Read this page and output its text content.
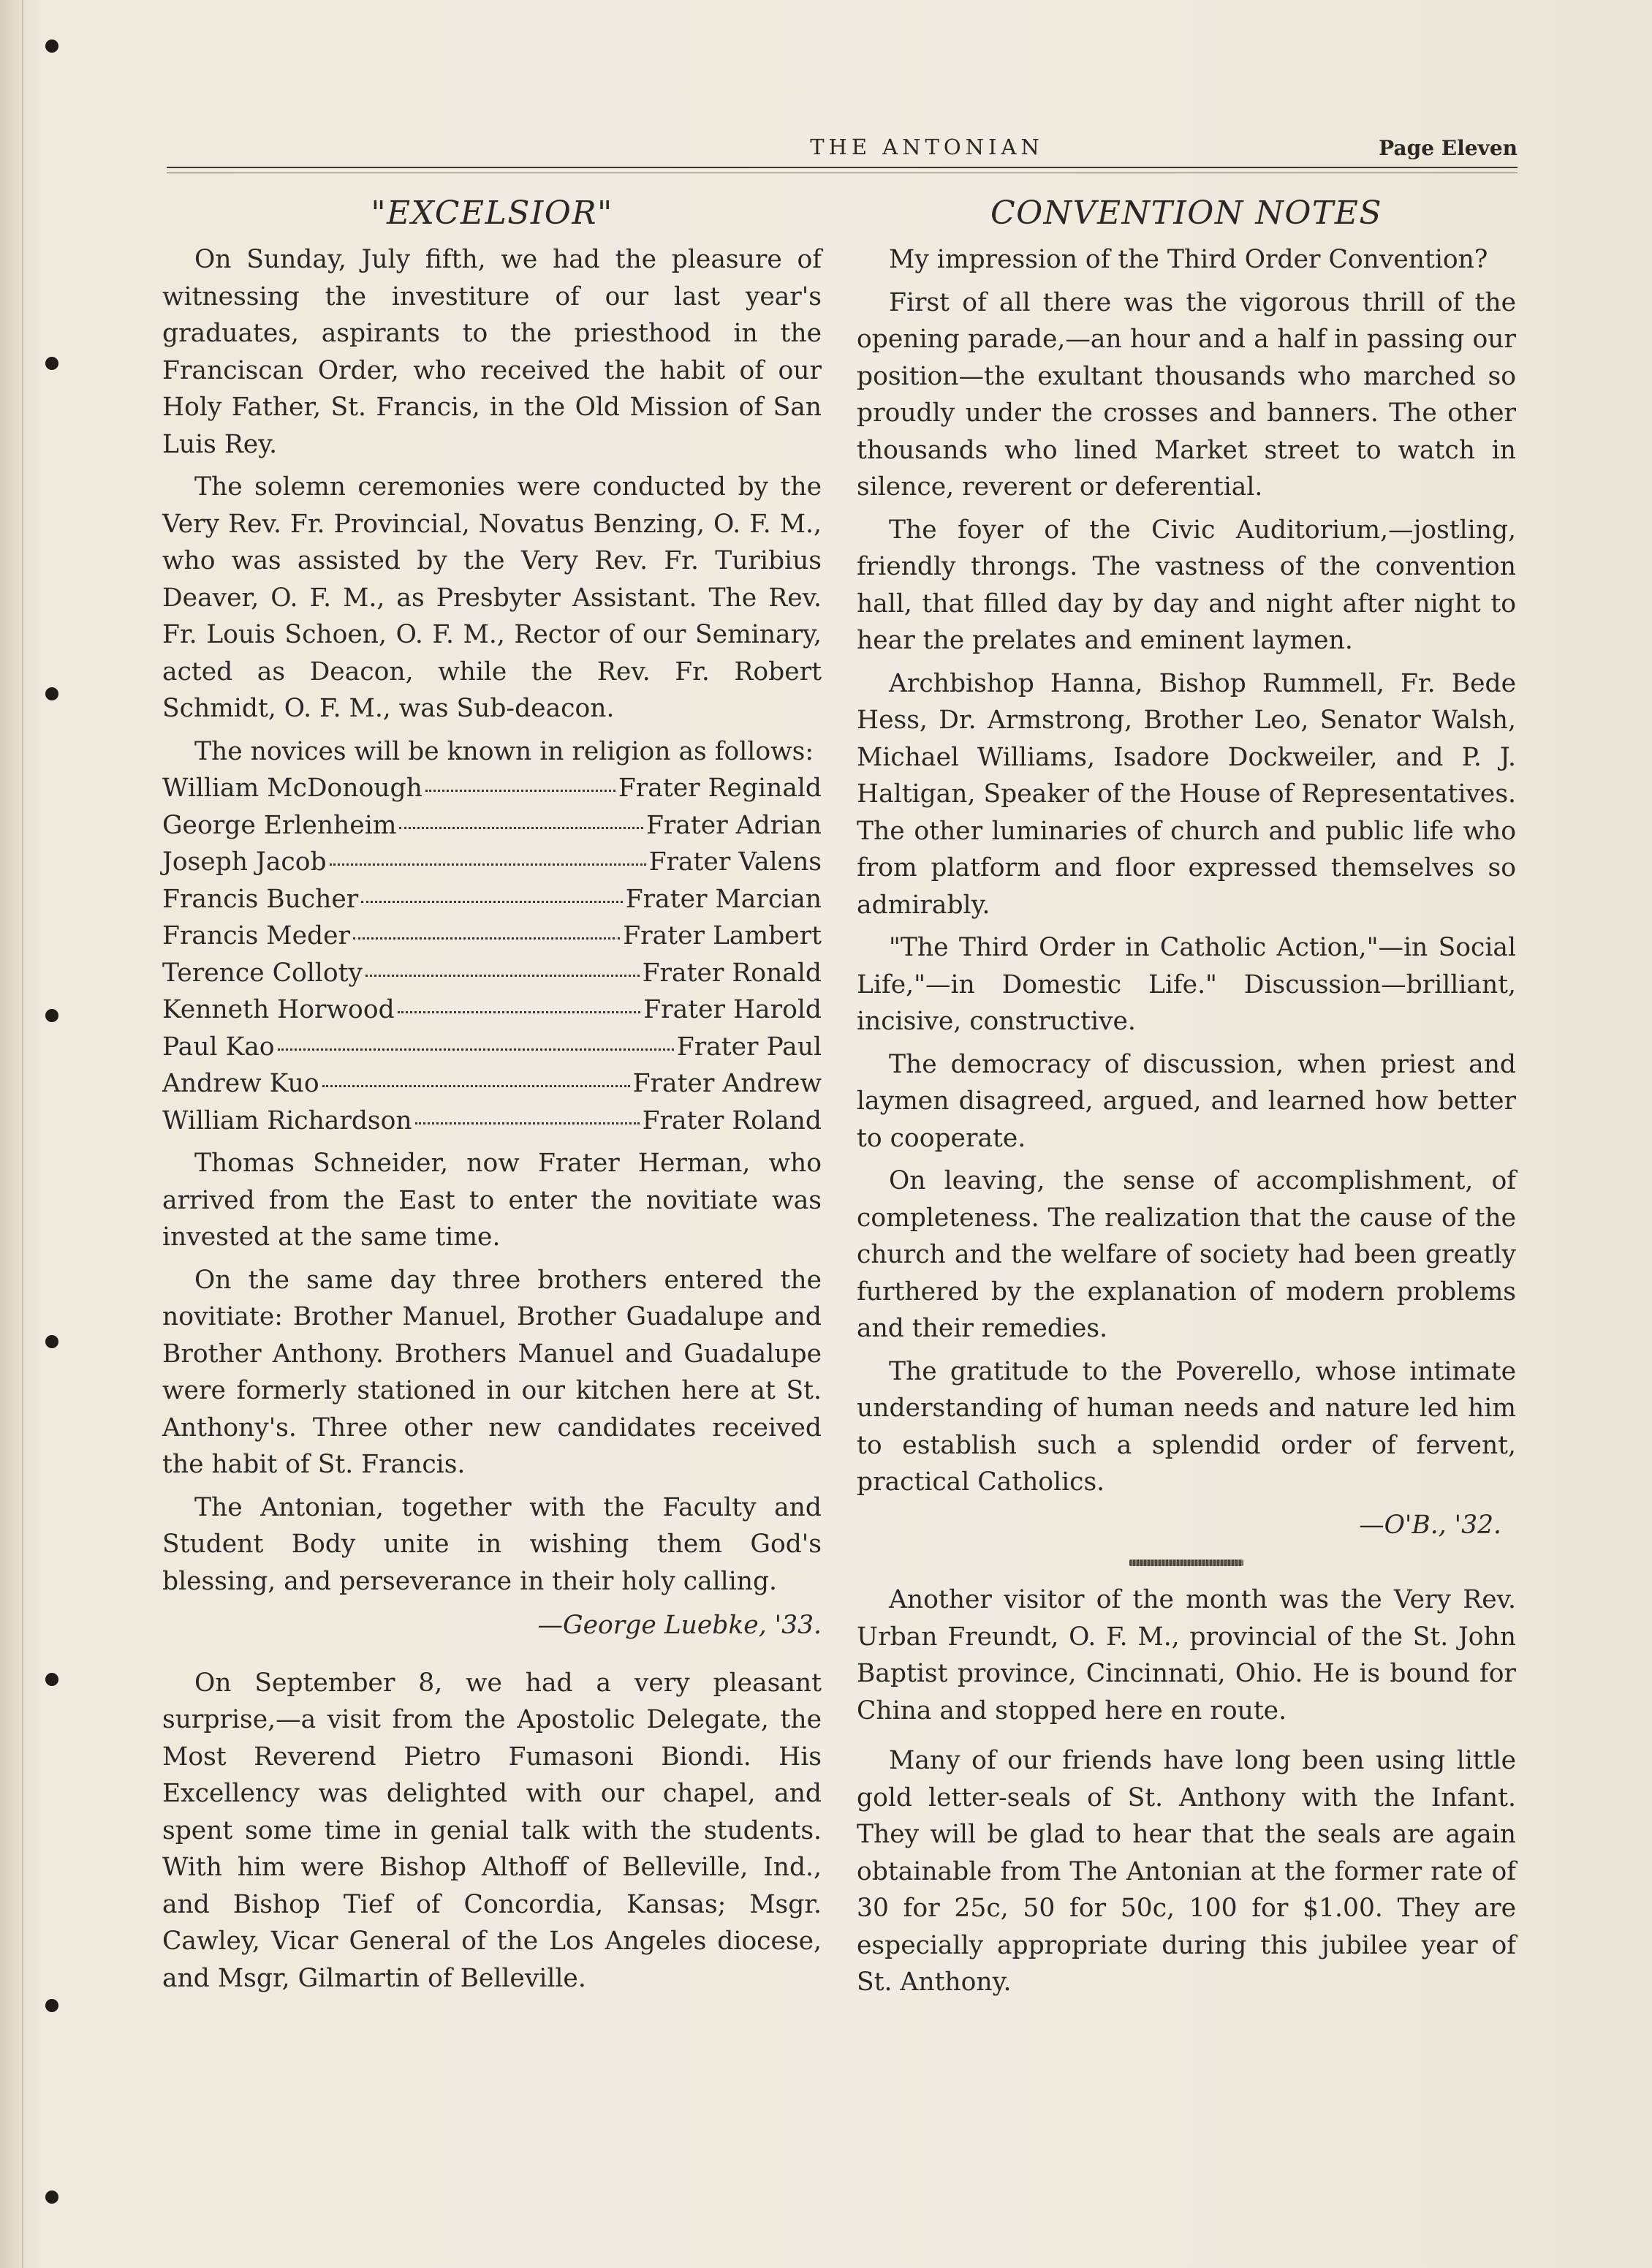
THE ANTONIAN	Page Eleven
"EXCELSIOR"

On Sunday, July fifth, we had the pleasure of witnessing the investiture of our last year's graduates, aspirants to the priesthood in the Franciscan Order, who received the habit of our Holy Father, St. Francis, in the Old Mission of San Luis Rey.

The solemn ceremonies were conducted by the Very Rev. Fr. Provincial, Novatus Benzing, O. F. M., who was assisted by the Very Rev. Fr. Turibius Deaver, O. F. M., as Presbyter Assistant. The Rev. Fr. Louis Schoen, O. F. M., Rector of our Seminary, acted as Deacon, while the Rev. Fr. Robert Schmidt, O. F. M., was Sub-deacon.

The novices will be known in religion as follows:

William McDonough	Frater Reginald
George Erlenheim	Frater Adrian
Joseph Jacob	Frater Valens
Francis Bucher	Frater Marcian
Francis Meder	Frater Lambert
Terence Colloty	Frater Ronald
Kenneth Horwood	Frater Harold
Paul Kao	Frater Paul
Andrew Kuo	Frater Andrew
William Richardson	Frater Roland

Thomas Schneider, now Frater Herman, who arrived from the East to enter the novitiate was invested at the same time.

On the same day three brothers entered the novitiate: Brother Manuel, Brother Guadalupe and Brother Anthony. Brothers Manuel and Guadalupe were formerly stationed in our kitchen here at St. Anthony's. Three other new candidates received the habit of St. Francis.

The Antonian, together with the Faculty and Student Body unite in wishing them God's blessing, and perseverance in their holy calling.

—George Luebke, '33.

On September 8, we had a very pleasant surprise,—a visit from the Apostolic Delegate, the Most Reverend Pietro Fumasoni Biondi. His Excellency was delighted with our chapel, and spent some time in genial talk with the students. With him were Bishop Althoff of Belleville, Ind., and Bishop Tief of Concordia, Kansas; Msgr. Cawley, Vicar General of the Los Angeles diocese, and Msgr, Gilmartin of Belleville.

CONVENTION NOTES

My impression of the Third Order Convention?

First of all there was the vigorous thrill of the opening parade,—an hour and a half in passing our position—the exultant thousands who marched so proudly under the crosses and banners. The other thousands who lined Market street to watch in silence, reverent or deferential.

The foyer of the Civic Auditorium,—jostling, friendly throngs. The vastness of the convention hall, that filled day by day and night after night to hear the prelates and eminent laymen.

Archbishop Hanna, Bishop Rummell, Fr. Bede Hess, Dr. Armstrong, Brother Leo, Senator Walsh, Michael Williams, Isadore Dockweiler, and P. J. Haltigan, Speaker of the House of Representatives. The other luminaries of church and public life who from platform and floor expressed themselves so admirably.

"The Third Order in Catholic Action,"—in Social Life,"—in Domestic Life." Discussion—brilliant, incisive, constructive.

The democracy of discussion, when priest and laymen disagreed, argued, and learned how better to cooperate.

On leaving, the sense of accomplishment, of completeness. The realization that the cause of the church and the welfare of society had been greatly furthered by the explanation of modern problems and their remedies.

The gratitude to the Poverello, whose intimate understanding of human needs and nature led him to establish such a splendid order of fervent, practical Catholics.

—O'B., '32.

Another visitor of the month was the Very Rev. Urban Freundt, O. F. M., provincial of the St. John Baptist province, Cincinnati, Ohio. He is bound for China and stopped here en route.

Many of our friends have long been using little gold letter-seals of St. Anthony with the Infant. They will be glad to hear that the seals are again obtainable from The Antonian at the former rate of 30 for 25c, 50 for 50c, 100 for $1.00. They are especially appropriate during this jubilee year of St. Anthony.
